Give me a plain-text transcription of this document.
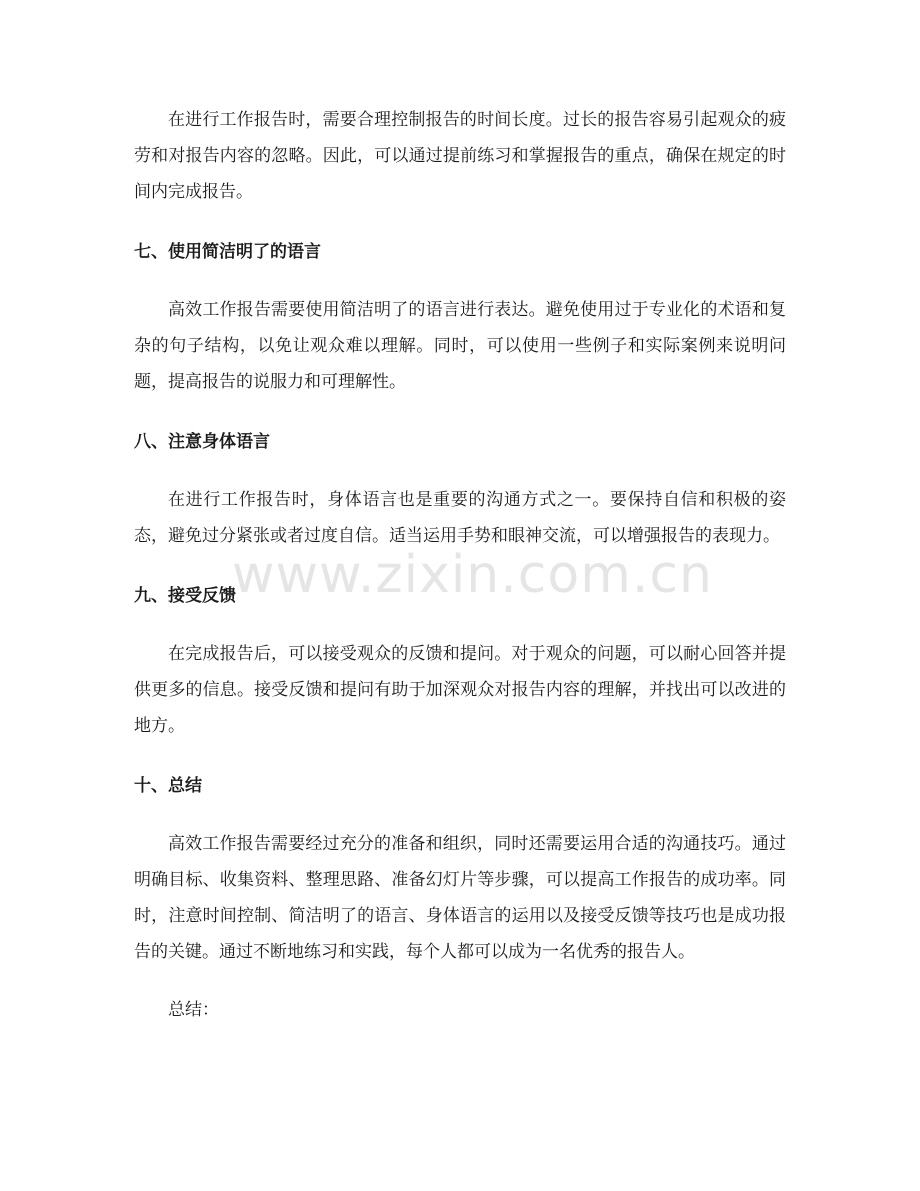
在进行工作报告时，需要合理控制报告的时间长度。过长的报告容易引起观众的疲劳和对报告内容的忽略。因此，可以通过提前练习和掌握报告的重点，确保在规定的时间内完成报告。

七、使用简洁明了的语言

高效工作报告需要使用简洁明了的语言进行表达。避免使用过于专业化的术语和复杂的句子结构，以免让观众难以理解。同时，可以使用一些例子和实际案例来说明问题，提高报告的说服力和可理解性。

八、注意身体语言

在进行工作报告时，身体语言也是重要的沟通方式之一。要保持自信和积极的姿态，避免过分紧张或者过度自信。适当运用手势和眼神交流，可以增强报告的表现力。

九、接受反馈

在完成报告后，可以接受观众的反馈和提问。对于观众的问题，可以耐心回答并提供更多的信息。接受反馈和提问有助于加深观众对报告内容的理解，并找出可以改进的地方。

十、总结

高效工作报告需要经过充分的准备和组织，同时还需要运用合适的沟通技巧。通过明确目标、收集资料、整理思路、准备幻灯片等步骤，可以提高工作报告的成功率。同时，注意时间控制、简洁明了的语言、身体语言的运用以及接受反馈等技巧也是成功报告的关键。通过不断地练习和实践，每个人都可以成为一名优秀的报告人。

总结：

www.zixin.com.cn
